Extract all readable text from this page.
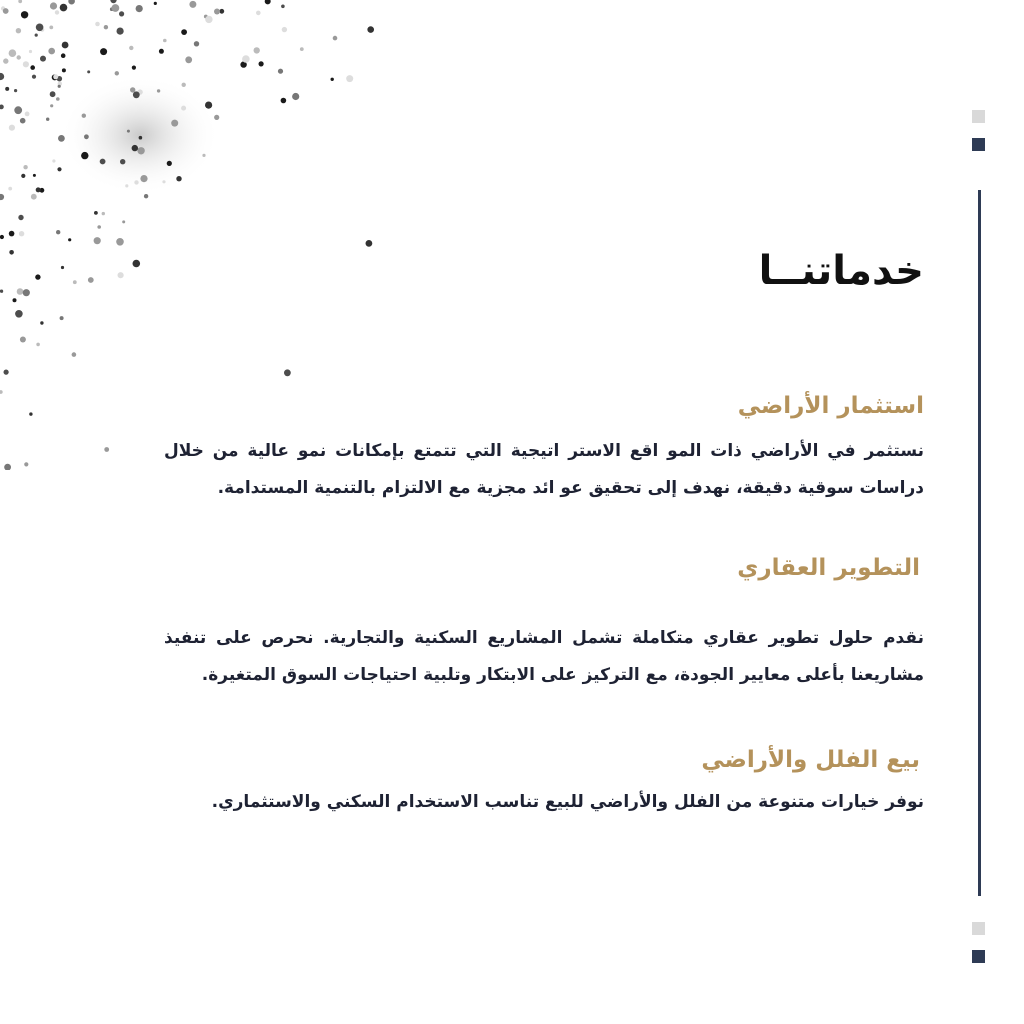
خدماتنــا
استثمار الأراضي

نستثمر في الأراضي ذات المو اقع الاستر اتيجية التي تتمتع بإمكانات نمو عالية من خلال دراسات سوقية دقيقة، نهدف إلى تحقيق عو ائد مجزية مع الالتزام بالتنمية المستدامة.

التطوير العقاري

نقدم حلول تطوير عقاري متكاملة تشمل المشاريع السكنية والتجارية. نحرص على تنفيذ مشاريعنا بأعلى معايير الجودة، مع التركيز على الابتكار وتلبية احتياجات السوق المتغيرة.

بيع الفلل والأراضي

نوفر خيارات متنوعة من الفلل والأراضي للبيع تناسب الاستخدام السكني والاستثماري.
